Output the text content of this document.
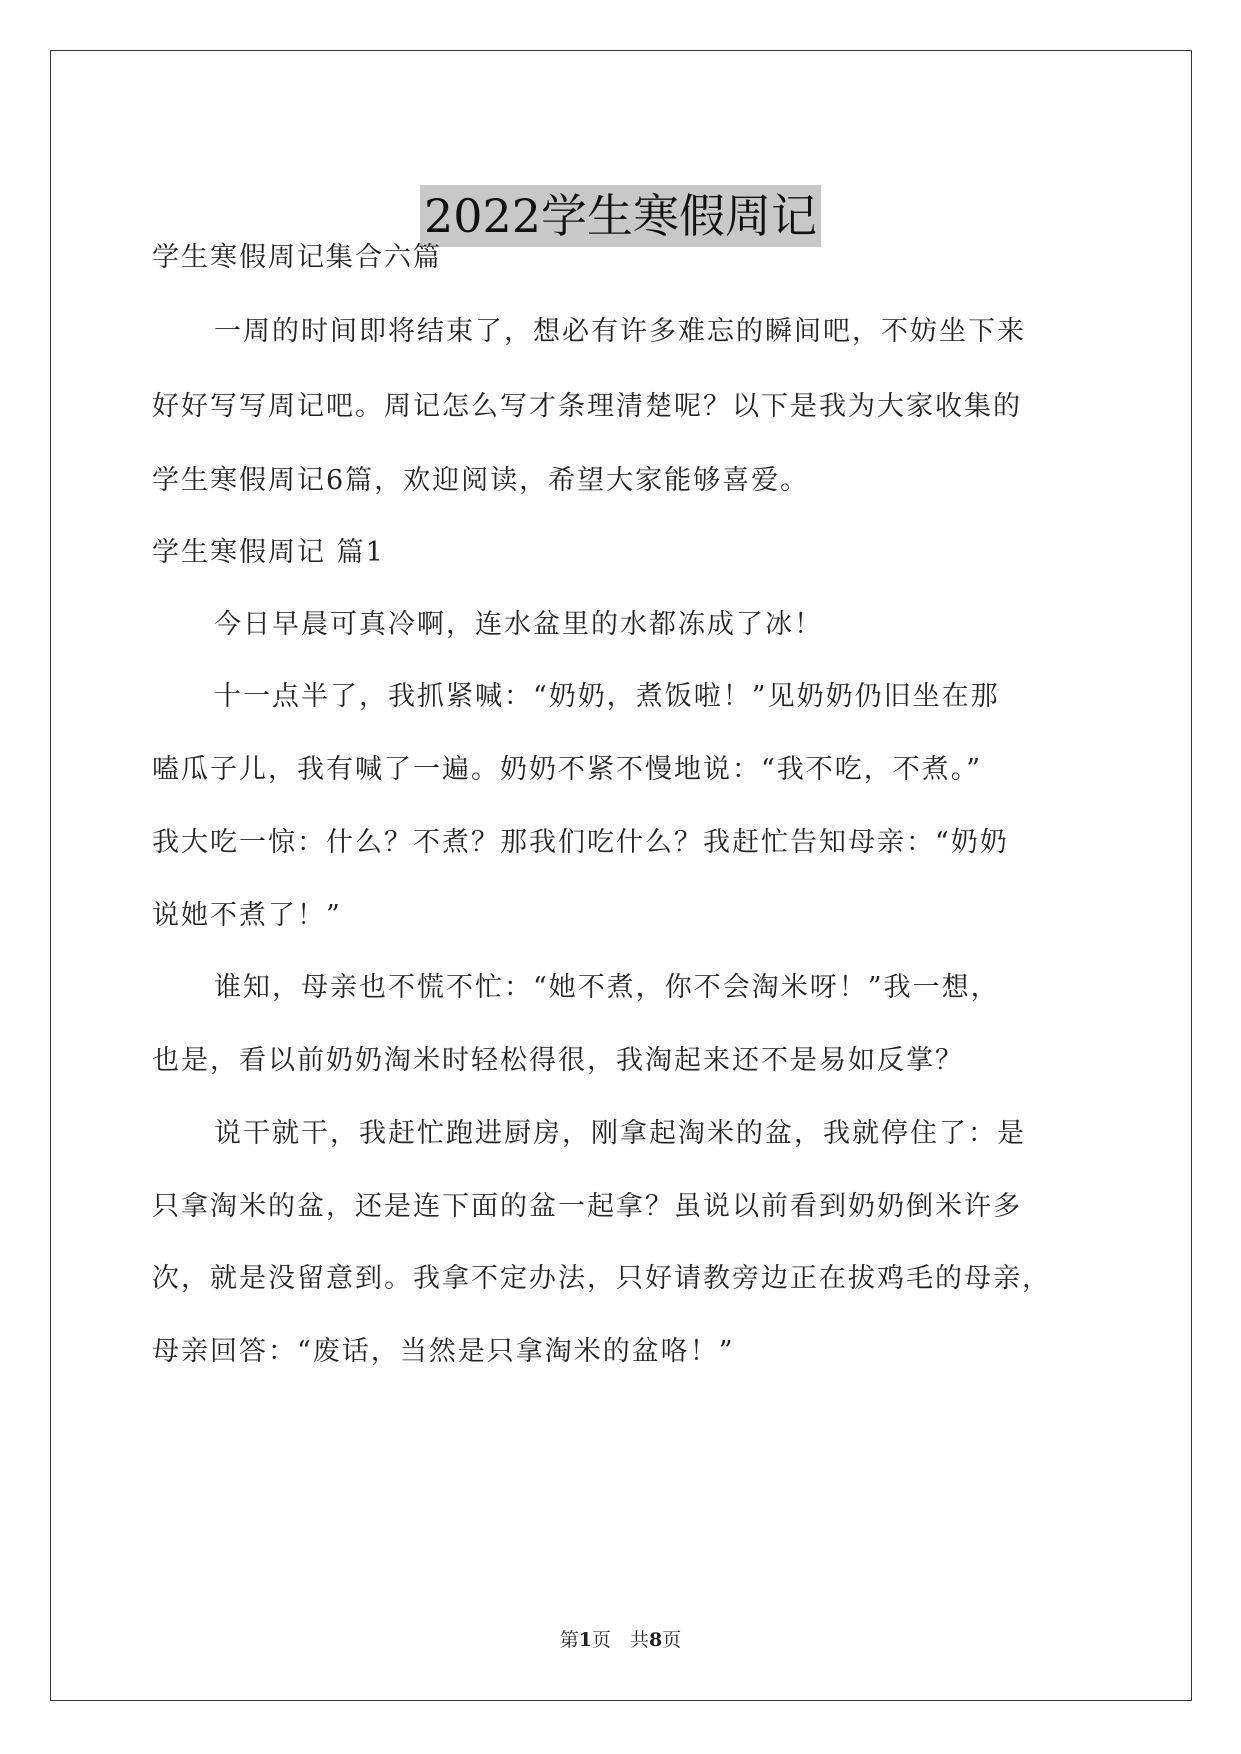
2022学生寒假周记
学生寒假周记集合六篇
一周的时间即将结束了，想必有许多难忘的瞬间吧，不妨坐下来
好好写写周记吧。周记怎么写才条理清楚呢？以下是我为大家收集的
学生寒假周记6篇，欢迎阅读，希望大家能够喜爱。
学生寒假周记 篇1
今日早晨可真冷啊，连水盆里的水都冻成了冰！
十一点半了，我抓紧喊：“奶奶，煮饭啦！”见奶奶仍旧坐在那
嗑瓜子儿，我有喊了一遍。奶奶不紧不慢地说：“我不吃，不煮。”
我大吃一惊：什么？不煮？那我们吃什么？我赶忙告知母亲：“奶奶
说她不煮了！”
谁知，母亲也不慌不忙：“她不煮，你不会淘米呀！”我一想，
也是，看以前奶奶淘米时轻松得很，我淘起来还不是易如反掌？
说干就干，我赶忙跑进厨房，刚拿起淘米的盆，我就停住了：是
只拿淘米的盆，还是连下面的盆一起拿？虽说以前看到奶奶倒米许多
次，就是没留意到。我拿不定办法，只好请教旁边正在拔鸡毛的母亲，
母亲回答：“废话，当然是只拿淘米的盆咯！”
第1页　共8页
